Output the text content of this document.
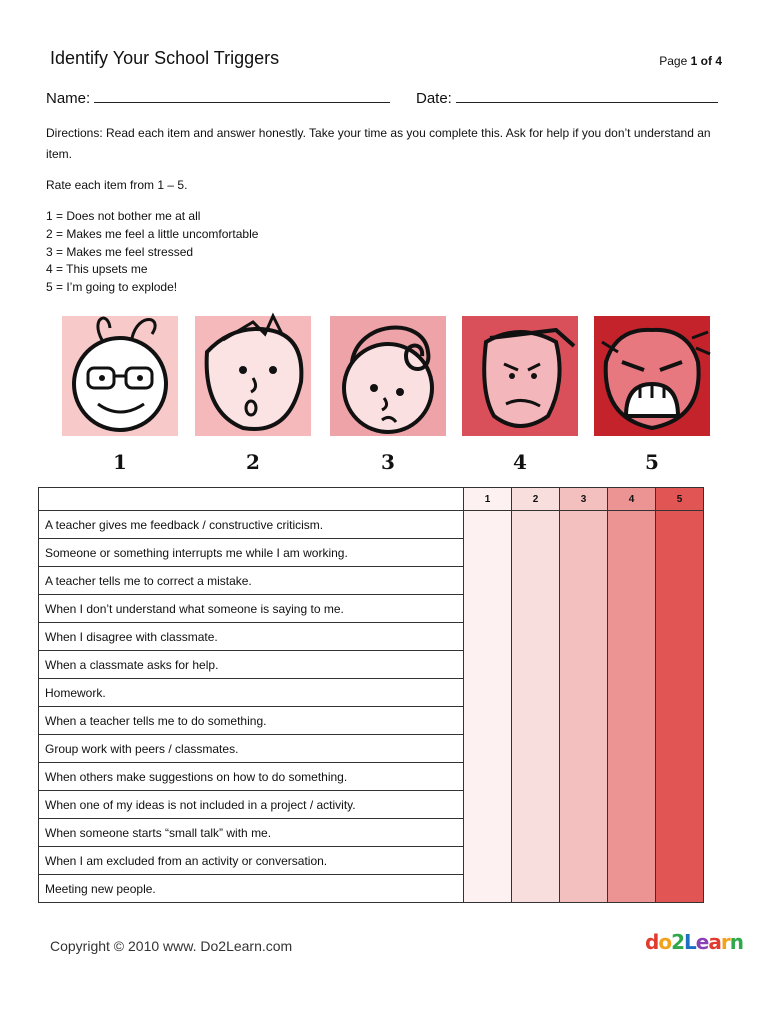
Identify Your School Triggers	Page 1 of 4
Name:	Date:
Directions: Read each item and answer honestly. Take your time as you complete this. Ask for help if you don’t understand an item.
Rate each item from 1 – 5.
1 = Does not bother me at all
2 = Makes me feel a little uncomfortable
3 = Makes me feel stressed
4 = This upsets me
5 = I’m going to explode!
1	2	3	4	5
	1	2	3	4	5
A teacher gives me feedback / constructive criticism.					
Someone or something interrupts me while I am working.					
A teacher tells me to correct a mistake.					
When I don’t understand what someone is saying to me.					
When I disagree with classmate.					
When a classmate asks for help.					
Homework.					
When a teacher tells me to do something.					
Group work with peers / classmates.					
When others make suggestions on how to do something.					
When one of my ideas is not included in a project / activity.					
When someone starts “small talk” with me.					
When I am excluded from an activity or conversation.					
Meeting new people.					
Copyright © 2010 www. Do2Learn.com	do2Learn
